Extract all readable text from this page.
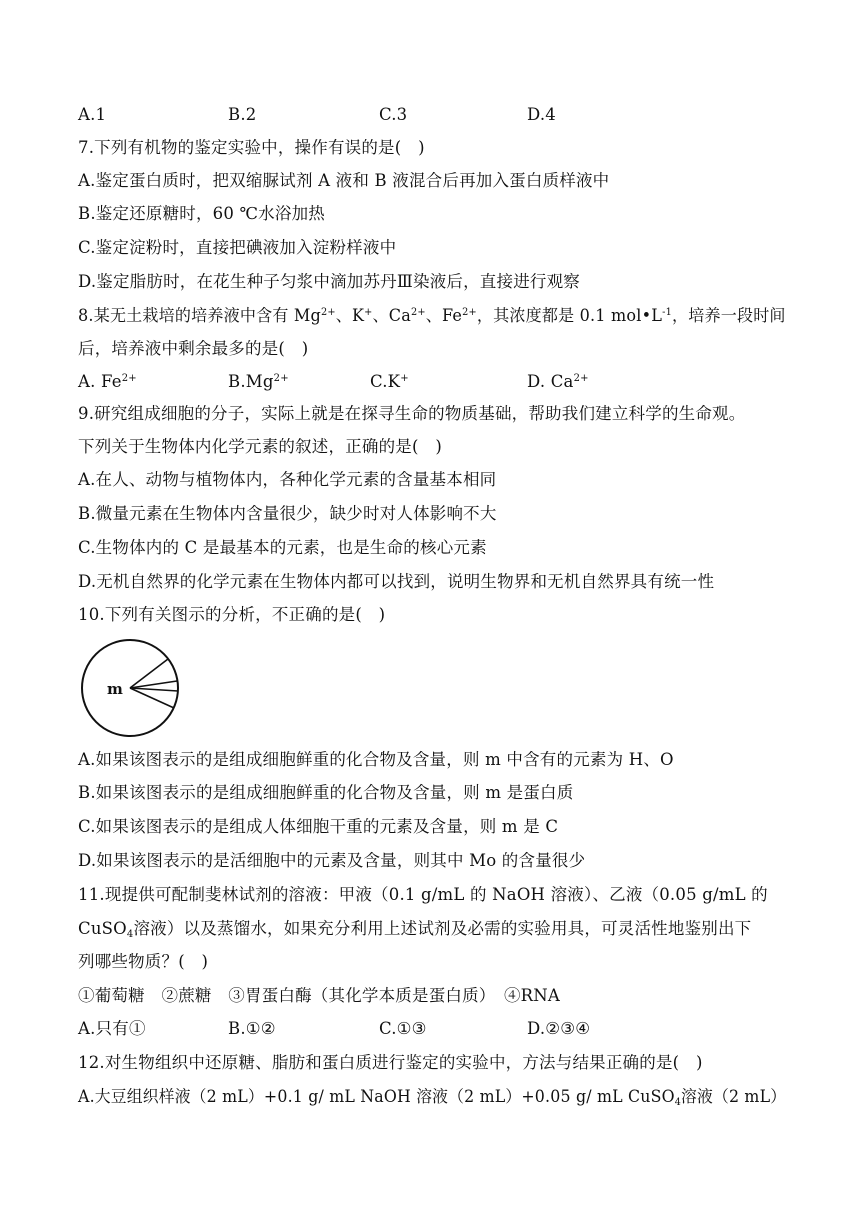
A.1	B.2	C.3	D.4
7.下列有机物的鉴定实验中，操作有误的是(　)
A.鉴定蛋白质时，把双缩脲试剂 A 液和 B 液混合后再加入蛋白质样液中
B.鉴定还原糖时，60 ℃水浴加热
C.鉴定淀粉时，直接把碘液加入淀粉样液中
D.鉴定脂肪时，在花生种子匀浆中滴加苏丹Ⅲ染液后，直接进行观察
8.某无土栽培的培养液中含有 $Mg^{2+}$、K+、$Ca^{2+}$、$Fe^{2+}$，其浓度都是 0.1 $mol•L^{-1}$，培养一段时间
后，培养液中剩余最多的是(　)
A. $Fe^{2+}$	$B.Mg^{2+}$	C.K+	D. $Ca^{2+}$
9.研究组成细胞的分子，实际上就是在探寻生命的物质基础，帮助我们建立科学的生命观。
下列关于生物体内化学元素的叙述，正确的是(　)
A.在人、动物与植物体内，各种化学元素的含量基本相同
B.微量元素在生物体内含量很少，缺少时对人体影响不大
C.生物体内的 C 是最基本的元素，也是生命的核心元素
D.无机自然界的化学元素在生物体内都可以找到，说明生物界和无机自然界具有统一性
10.下列有关图示的分析，不正确的是(　)
m
A.如果该图表示的是组成细胞鲜重的化合物及含量，则 m 中含有的元素为 H、O
B.如果该图表示的是组成细胞鲜重的化合物及含量，则 m 是蛋白质
C.如果该图表示的是组成人体细胞干重的元素及含量，则 m 是 C
D.如果该图表示的是活细胞中的元素及含量，则其中 Mo 的含量很少
11.现提供可配制斐林试剂的溶液：甲液（0.1 g/mL 的 NaOH 溶液）、乙液（0.05 g/mL 的
CuSO$_4$溶液）以及蒸馏水，如果充分利用上述试剂及必需的实验用具，可灵活性地鉴别出下
列哪些物质？(　)
①葡萄糖　②蔗糖　③胃蛋白酶（其化学本质是蛋白质）　④RNA
A.只有①	B.①②	C.①③	D.②③④
12.对生物组织中还原糖、脂肪和蛋白质进行鉴定的实验中，方法与结果正确的是(　)
A.大豆组织样液（2 mL）+0.1 g/ mL NaOH 溶液（2 mL）+0.05 g/ mL CuSO$_4$溶液（2 mL）
